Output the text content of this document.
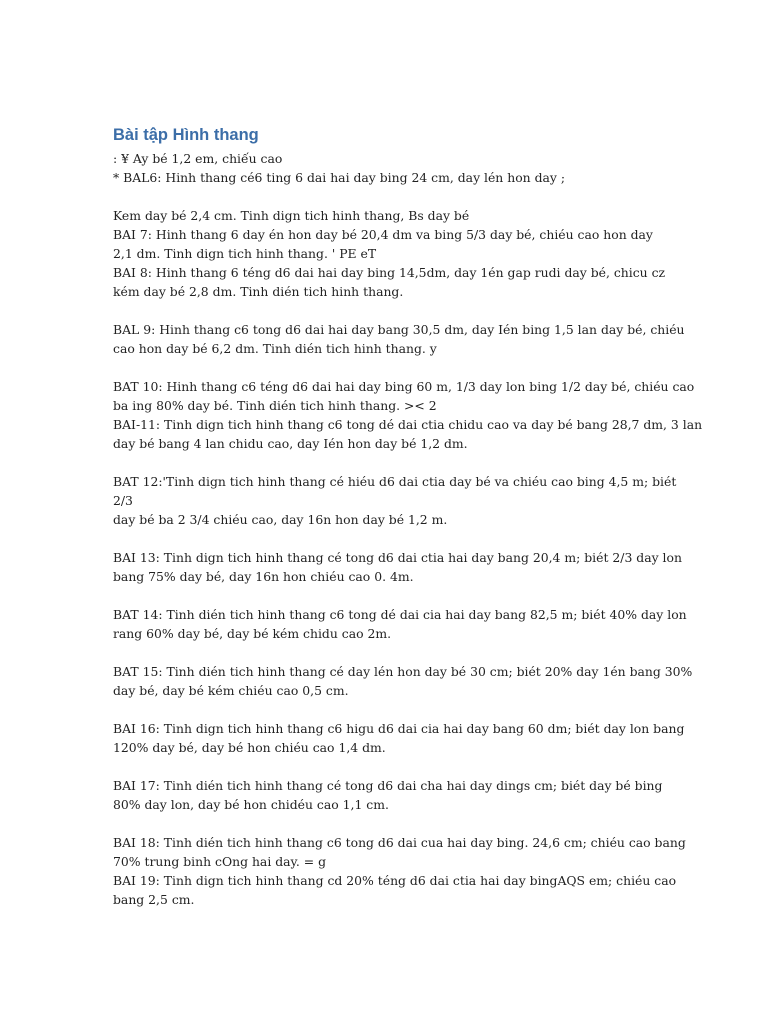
Bài tập Hình thang

: ¥ Ay bé 1,2 em, chiếu cao

* BAL6: Hinh thang cé6 ting 6 dai hai day bing 24 cm, day lén hon day ;

Kem day bé 2,4 cm. Tinh dign tich hinh thang, Bs day bé

BAI 7: Hinh thang 6 day én hon day bé 20,4 dm va bing 5/3 day bé, chiéu cao hon day

2,1 dm. Tinh dign tich hinh thang. ' PE eT

BAI 8: Hinh thang 6 téng d6 dai hai day bing 14,5dm, day 1én gap rudi day bé, chicu cz

kém day bé 2,8 dm. Tinh dién tich hinh thang.

BAL 9: Hinh thang c6 tong d6 dai hai day bang 30,5 dm, day Ién bing 1,5 lan day bé, chiéu

cao hon day bé 6,2 dm. Tinh dién tich hinh thang. y

BAT 10: Hinh thang c6 téng d6 dai hai day bing 60 m, 1/3 day lon bing 1/2 day bé, chiéu cao

ba ing 80% day bé. Tinh dién tich hinh thang. >< 2

BAI-11: Tinh dign tich hinh thang c6 tong dé dai ctia chidu cao va day bé bang 28,7 dm, 3 lan

day bé bang 4 lan chidu cao, day Ién hon day bé 1,2 dm.

BAT 12:'Tinh dign tich hinh thang cé hiéu d6 dai ctia day bé va chiéu cao bing 4,5 m; biét

2/3

day bé ba 2 3/4 chiéu cao, day 16n hon day bé 1,2 m.

BAI 13: Tinh dign tich hinh thang cé tong d6 dai ctia hai day bang 20,4 m; biét 2/3 day lon

bang 75% day bé, day 16n hon chiéu cao 0. 4m.

BAT 14: Tinh dién tich hinh thang c6 tong dé dai cia hai day bang 82,5 m; biét 40% day lon

rang 60% day bé, day bé kém chidu cao 2m.

BAT 15: Tinh dién tich hinh thang cé day lén hon day bé 30 cm; biét 20% day 1én bang 30%

day bé, day bé kém chiéu cao 0,5 cm.

BAI 16: Tinh dign tich hinh thang c6 higu d6 dai cia hai day bang 60 dm; biét day lon bang

120% day bé, day bé hon chiéu cao 1,4 dm.

BAI 17: Tinh dién tich hinh thang cé tong d6 dai cha hai day dings cm; biét day bé bing

80% day lon, day bé hon chidéu cao 1,1 cm.

BAI 18: Tinh dién tich hinh thang c6 tong d6 dai cua hai day bing. 24,6 cm; chiéu cao bang

70% trung binh cOng hai day. = g

BAI 19: Tinh dign tich hinh thang cd 20% téng d6 dai ctia hai day bingAQS em; chiéu cao

bang 2,5 cm.
